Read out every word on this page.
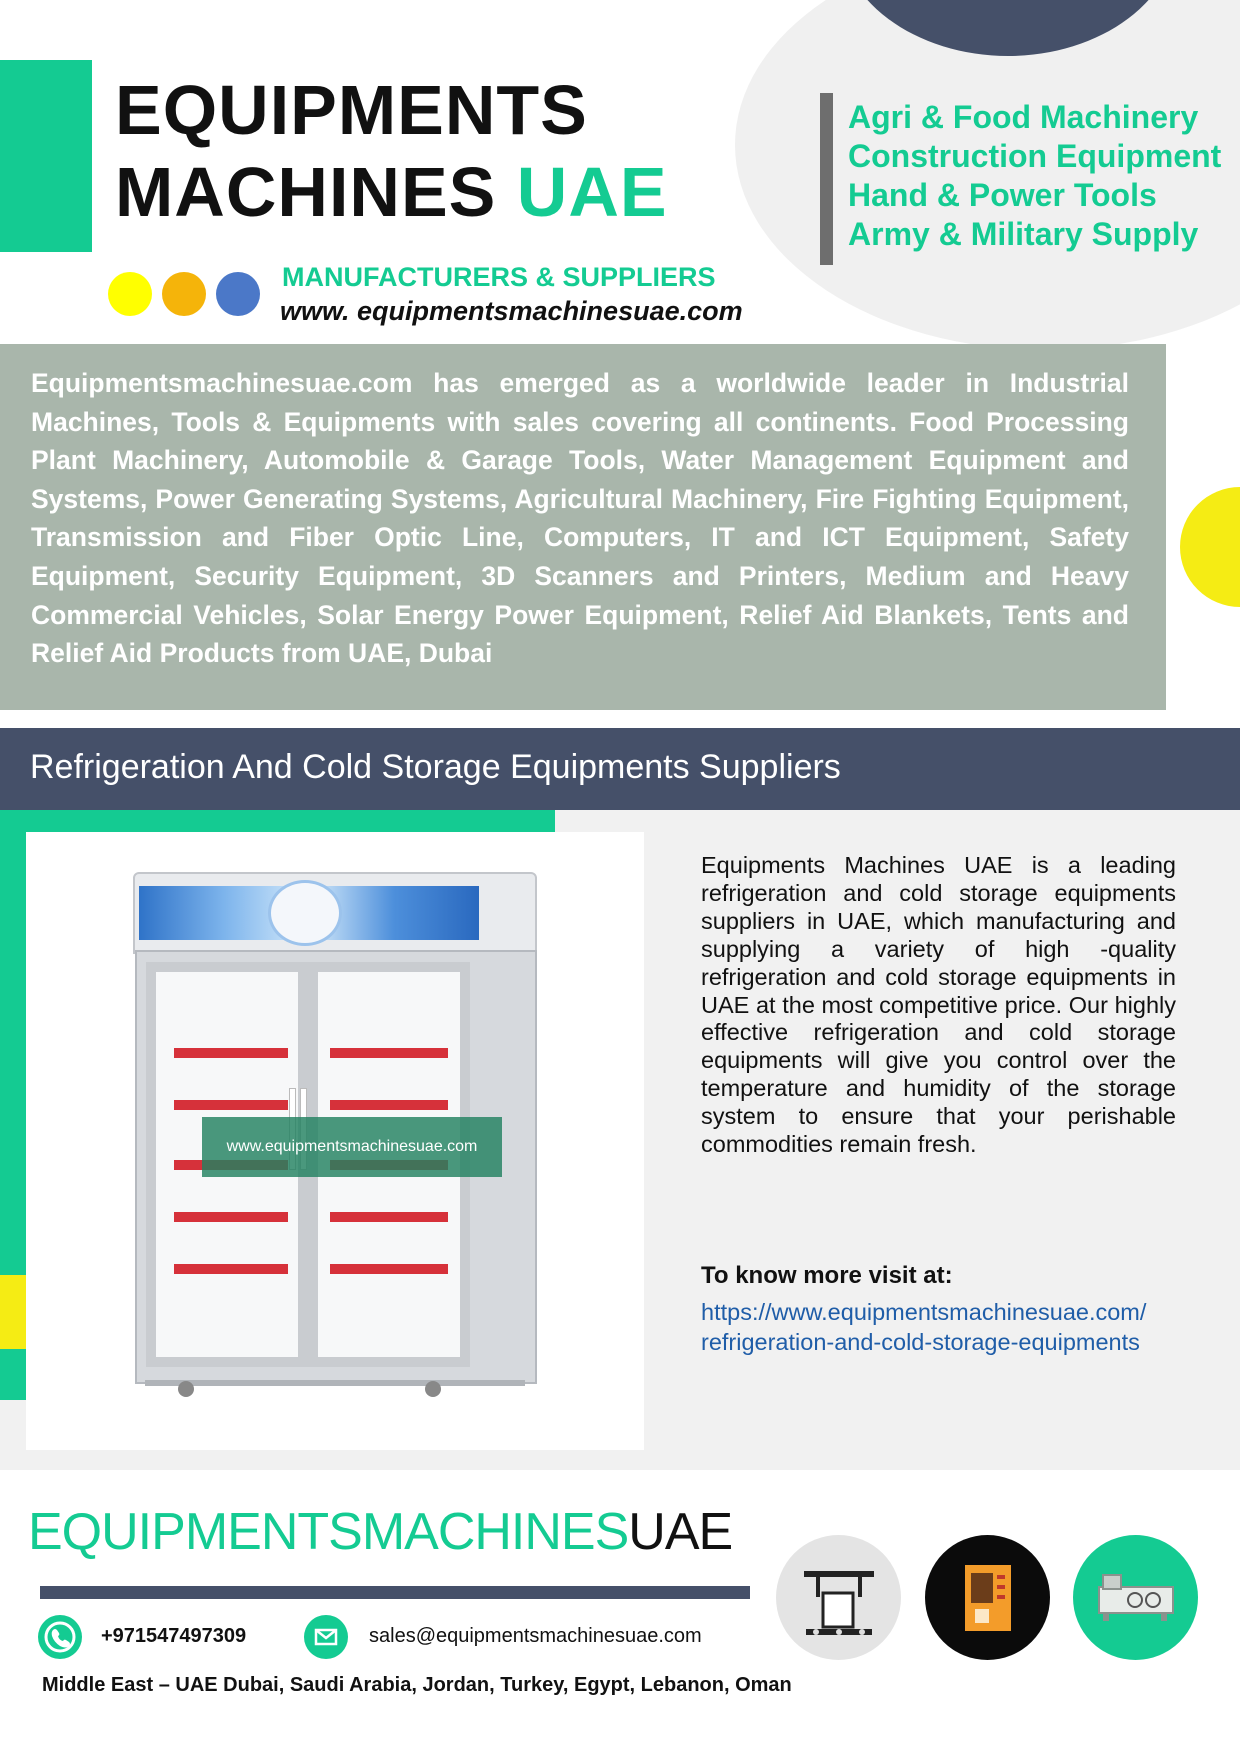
EQUIPMENTS
MACHINES UAE
MANUFACTURERS & SUPPLIERS
www. equipmentsmachinesuae.com
Agri & Food Machinery
Construction Equipment
Hand & Power Tools
Army & Military Supply
Equipmentsmachinesuae.com has emerged as a worldwide leader in Industrial Machines, Tools & Equipments with sales covering all continents. Food Processing Plant Machinery, Automobile & Garage Tools, Water Management Equipment and Systems, Power Generating Systems, Agricultural Machinery, Fire Fighting Equipment, Transmission and Fiber Optic Line, Computers, IT and ICT Equipment, Safety Equipment, Security Equipment, 3D Scanners and Printers, Medium and Heavy Commercial Vehicles, Solar Energy Power Equipment, Relief Aid Blankets, Tents and Relief Aid Products from UAE, Dubai
Refrigeration And Cold Storage Equipments Suppliers
www.equipmentsmachinesuae.com
Equipments Machines UAE is a leading refrigeration and cold storage equipments suppliers in UAE, which manufacturing and supplying a variety of high -quality refrigeration and cold storage equipments in UAE at the most competitive price. Our highly effective refrigeration and cold storage equipments will give you control over the temperature and humidity of the storage system to ensure that your perishable commodities remain fresh.
To know more visit at:
https://www.equipmentsmachinesuae.com/
refrigeration-and-cold-storage-equipments
EQUIPMENTSMACHINESUAE
+971547497309	sales@equipmentsmachinesuae.com
Middle East – UAE Dubai, Saudi Arabia, Jordan, Turkey, Egypt, Lebanon, Oman
